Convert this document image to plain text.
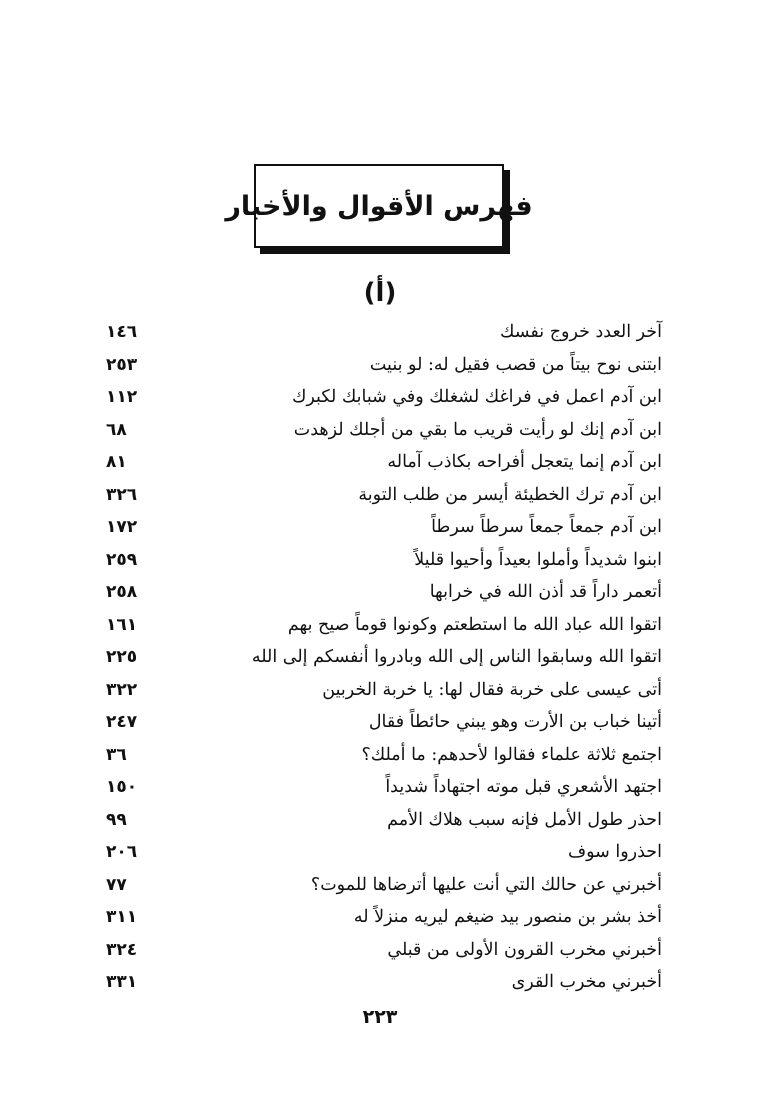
فهرس الأقوال والأخبار
(أ)
آخر العدد خروج نفسك
١٤٦
ابتنى نوح بيتاً من قصب فقيل له: لو بنيت
٢٥٣
ابن آدم اعمل في فراغك لشغلك وفي شبابك لكبرك
١١٢
ابن آدم إنك لو رأيت قريب ما بقي من أجلك لزهدت
٦٨
ابن آدم إنما يتعجل أفراحه بكاذب آماله
٨١
ابن آدم ترك الخطيئة أيسر من طلب التوبة
٣٢٦
ابن آدم جمعاً جمعاً سرطاً سرطاً
١٧٢
ابنوا شديداً وأملوا بعيداً وأحيوا قليلاً
٢٥٩
أتعمر داراً قد أذن الله في خرابها
٢٥٨
اتقوا الله عباد الله ما استطعتم وكونوا قوماً صيح بهم
١٦١
اتقوا الله وسابقوا الناس إلى الله وبادروا أنفسكم إلى الله
٢٢٥
أتى عيسى على خربة فقال لها: يا خربة الخربين
٣٢٢
أتينا خباب بن الأرت وهو يبني حائطاً فقال
٢٤٧
اجتمع ثلاثة علماء فقالوا لأحدهم: ما أملك؟
٣٦
اجتهد الأشعري قبل موته اجتهاداً شديداً
١٥٠
احذر طول الأمل فإنه سبب هلاك الأمم
٩٩
احذروا سوف
٢٠٦
أخبرني عن حالك التي أنت عليها أترضاها للموت؟
٧٧
أخذ بشر بن منصور بيد ضيغم ليريه منزلاً له
٣١١
أخبرني مخرب القرون الأولى من قبلي
٣٢٤
أخبرني مخرب القرى
٣٣١
٢٢٣
